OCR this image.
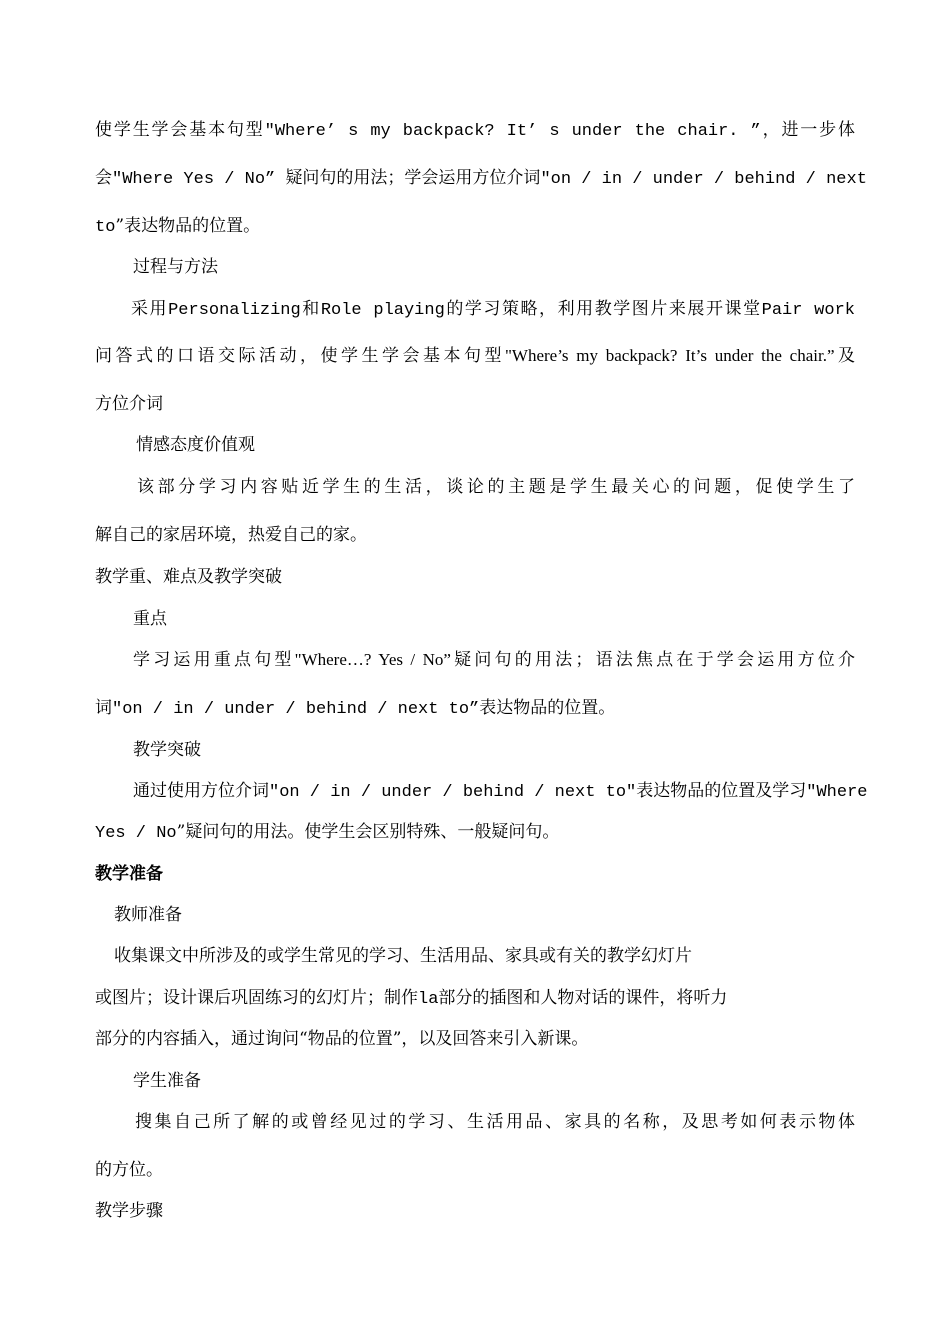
使学生学会基本句型"Where’ s my backpack? It’ s under the chair. ”，进一步体

会"Where Yes / No” 疑问句的用法；学会运用方位介词"on / in / under / behind / next

to”表达物品的位置。

过程与方法

采用Personalizing和Role playing的学习策略，利用教学图片来展开课堂Pair work

问答式的口语交际活动，使学生学会基本句型"Where’s my backpack? It’s under the chair.”及

方位介词

情感态度价值观

该部分学习内容贴近学生的生活，谈论的主题是学生最关心的问题，促使学生了

解自己的家居环境，热爱自己的家。

教学重、难点及教学突破

重点

学习运用重点句型"Where…? Yes / No”疑问句的用法；语法焦点在于学会运用方位介

词"on / in / under / behind / next to”表达物品的位置。

教学突破

通过使用方位介词"on / in / under / behind / next to"表达物品的位置及学习"Where

Yes / No”疑问句的用法。使学生会区别特殊、一般疑问句。

教学准备

教师准备

收集课文中所涉及的或学生常见的学习、生活用品、家具或有关的教学幻灯片

或图片；设计课后巩固练习的幻灯片；制作la部分的插图和人物对话的课件，将听力

部分的内容插入，通过询问“物品的位置”，以及回答来引入新课。

学生准备

搜集自己所了解的或曾经见过的学习、生活用品、家具的名称，及思考如何表示物体

的方位。

教学步骤
